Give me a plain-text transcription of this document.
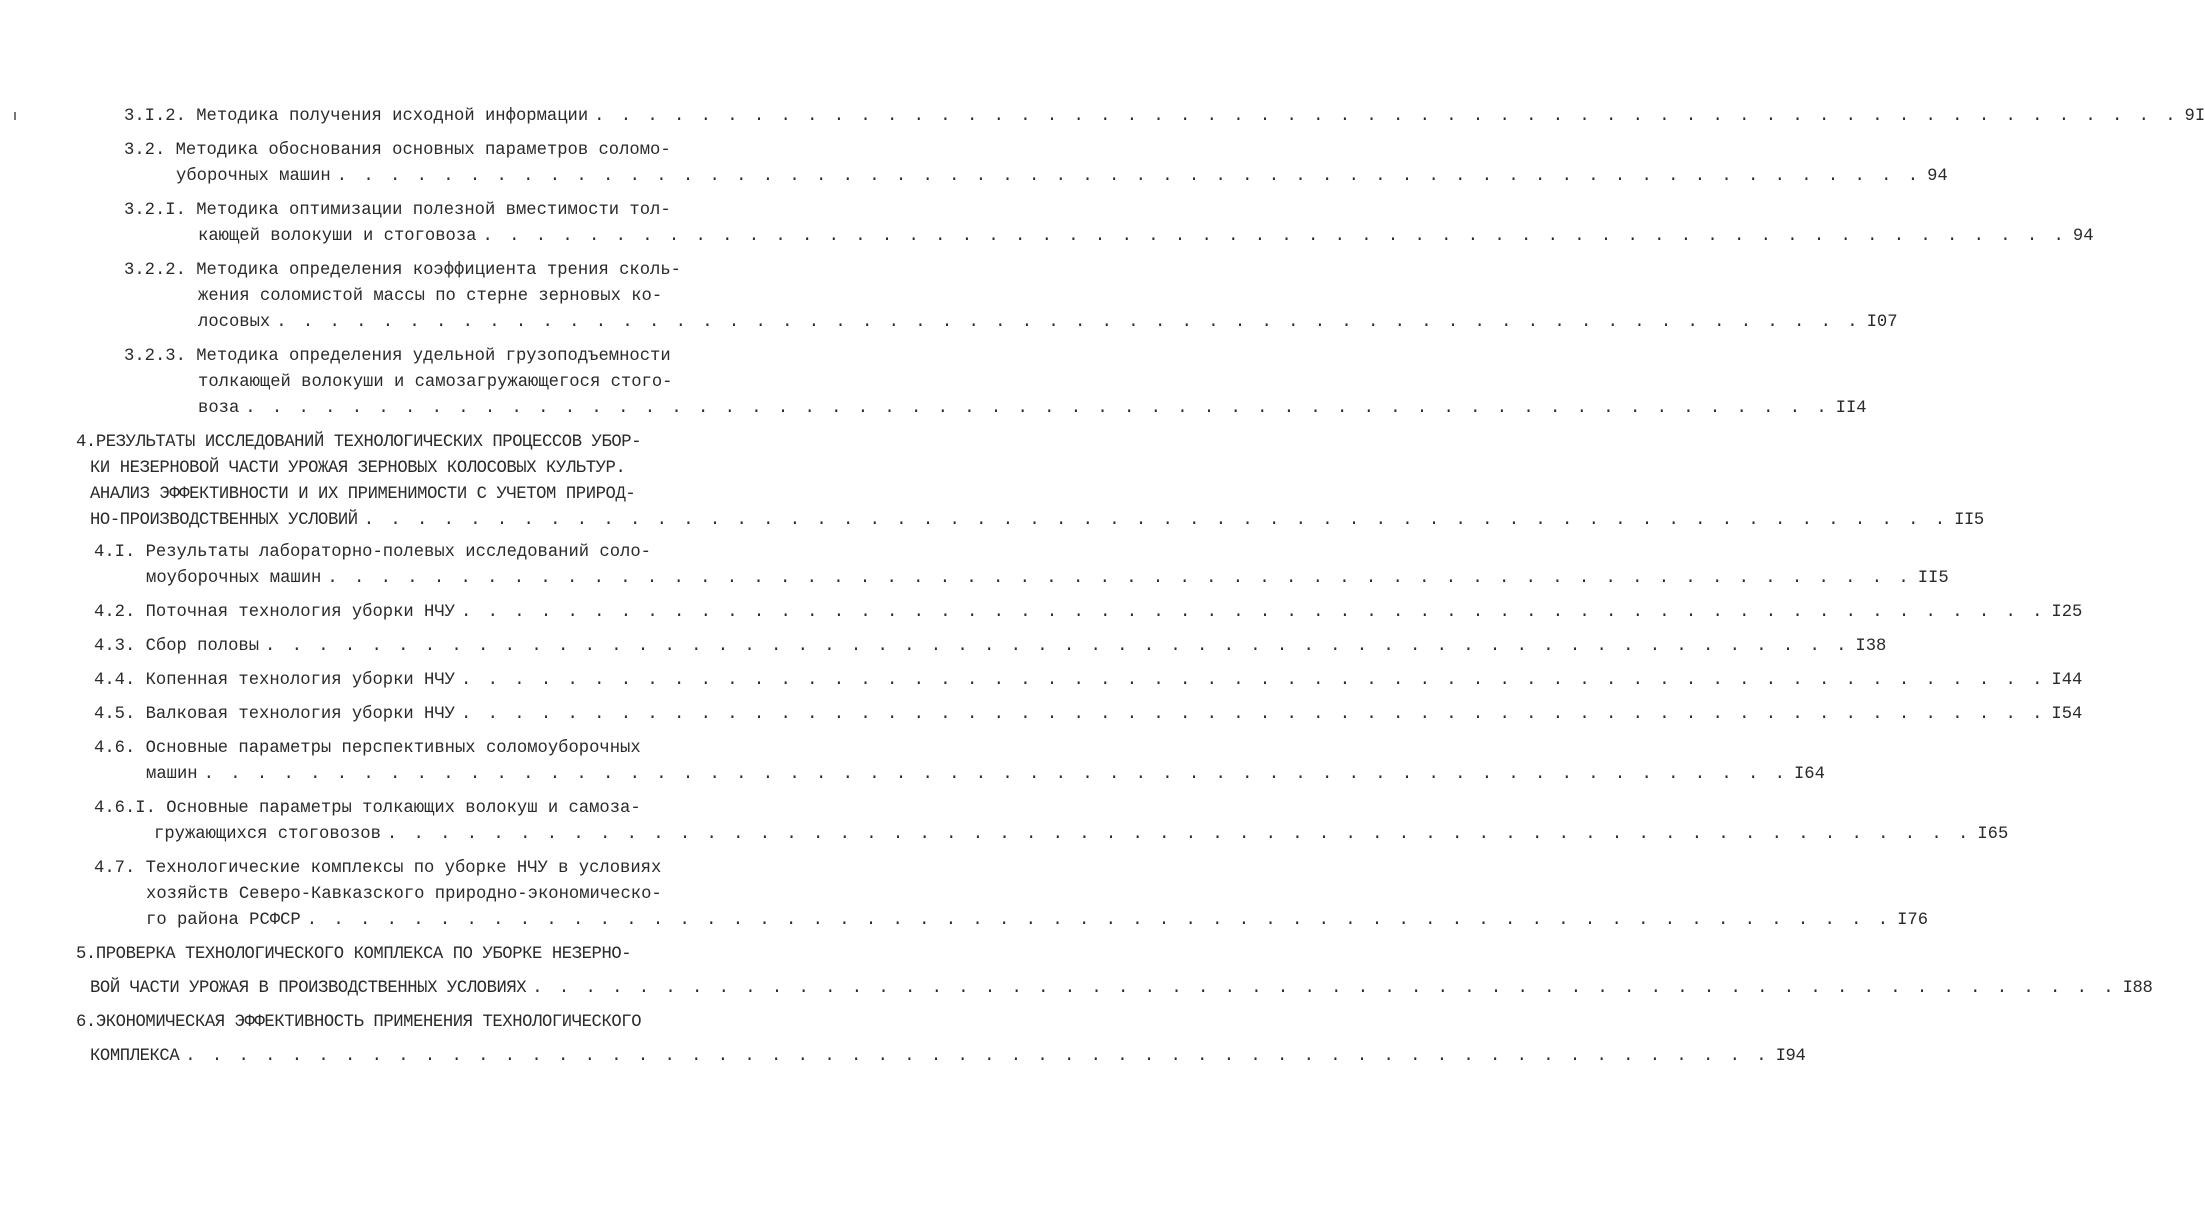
3.I.2. Методика получения исходной информации . . . . . . . . . . . . . . . . . . . . . . . . . . . . . . . . . . . . . . . . . . . . . . . . . . . . . . . . . . . . 9I
3.2. Методика обоснования основных параметров соломо-
уборочных машин . . . . . . . . . . . . . . . . . . . . . . . . . . . . . . . . . . . . . . . . . . . . . . . . . . . . . . . . . . . . 94
3.2.I. Методика оптимизации полезной вместимости тол-
кающей волокуши и стоговоза . . . . . . . . . . . . . . . . . . . . . . . . . . . . . . . . . . . . . . . . . . . . . . . . . . . . . . . . . . . . 94
3.2.2. Методика определения коэффициента трения сколь-
жения соломистой массы по стерне зерновых ко-
лосовых . . . . . . . . . . . . . . . . . . . . . . . . . . . . . . . . . . . . . . . . . . . . . . . . . . . . . . . . . . . . I07
3.2.3. Методика определения удельной грузоподъемности
толкающей волокуши и самозагружающегося стого-
воза . . . . . . . . . . . . . . . . . . . . . . . . . . . . . . . . . . . . . . . . . . . . . . . . . . . . . . . . . . . . II4
4.РЕЗУЛЬТАТЫ ИССЛЕДОВАНИЙ ТЕХНОЛОГИЧЕСКИХ ПРОЦЕССОВ УБОР-
КИ НЕЗЕРНОВОЙ ЧАСТИ УРОЖАЯ ЗЕРНОВЫХ КОЛОСОВЫХ КУЛЬТУР.
АНАЛИЗ ЭФФЕКТИВНОСТИ И ИХ ПРИМЕНИМОСТИ С УЧЕТОМ ПРИРОД-
НО-ПРОИЗВОДСТВЕННЫХ УСЛОВИЙ . . . . . . . . . . . . . . . . . . . . . . . . . . . . . . . . . . . . . . . . . . . . . . . . . . . . . . . . . . . . II5
4.I. Результаты лабораторно-полевых исследований соло-
моуборочных машин . . . . . . . . . . . . . . . . . . . . . . . . . . . . . . . . . . . . . . . . . . . . . . . . . . . . . . . . . . . . II5
4.2. Поточная технология уборки НЧУ . . . . . . . . . . . . . . . . . . . . . . . . . . . . . . . . . . . . . . . . . . . . . . . . . . . . . . . . . . . . I25
4.3. Сбор половы . . . . . . . . . . . . . . . . . . . . . . . . . . . . . . . . . . . . . . . . . . . . . . . . . . . . . . . . . . . . I38
4.4. Копенная технология уборки НЧУ . . . . . . . . . . . . . . . . . . . . . . . . . . . . . . . . . . . . . . . . . . . . . . . . . . . . . . . . . . . . I44
4.5. Валковая технология уборки НЧУ . . . . . . . . . . . . . . . . . . . . . . . . . . . . . . . . . . . . . . . . . . . . . . . . . . . . . . . . . . . . I54
4.6. Основные параметры перспективных соломоуборочных
машин . . . . . . . . . . . . . . . . . . . . . . . . . . . . . . . . . . . . . . . . . . . . . . . . . . . . . . . . . . . . I64
4.6.I. Основные параметры толкающих волокуш и самоза-
гружающихся стоговозов . . . . . . . . . . . . . . . . . . . . . . . . . . . . . . . . . . . . . . . . . . . . . . . . . . . . . . . . . . . . I65
4.7. Технологические комплексы по уборке НЧУ в условиях
хозяйств Северо-Кавказского природно-экономическо-
го района РСФСР . . . . . . . . . . . . . . . . . . . . . . . . . . . . . . . . . . . . . . . . . . . . . . . . . . . . . . . . . . . . I76
5.ПРОВЕРКА ТЕХНОЛОГИЧЕСКОГО КОМПЛЕКСА ПО УБОРКЕ НЕЗЕРНО-
ВОЙ ЧАСТИ УРОЖАЯ В ПРОИЗВОДСТВЕННЫХ УСЛОВИЯХ . . . . . . . . . . . . . . . . . . . . . . . . . . . . . . . . . . . . . . . . . . . . . . . . . . . . . . . . . . . . I88
6.ЭКОНОМИЧЕСКАЯ ЭФФЕКТИВНОСТЬ ПРИМЕНЕНИЯ ТЕХНОЛОГИЧЕСКОГО
КОМПЛЕКСА . . . . . . . . . . . . . . . . . . . . . . . . . . . . . . . . . . . . . . . . . . . . . . . . . . . . . . . . . . . . I94
